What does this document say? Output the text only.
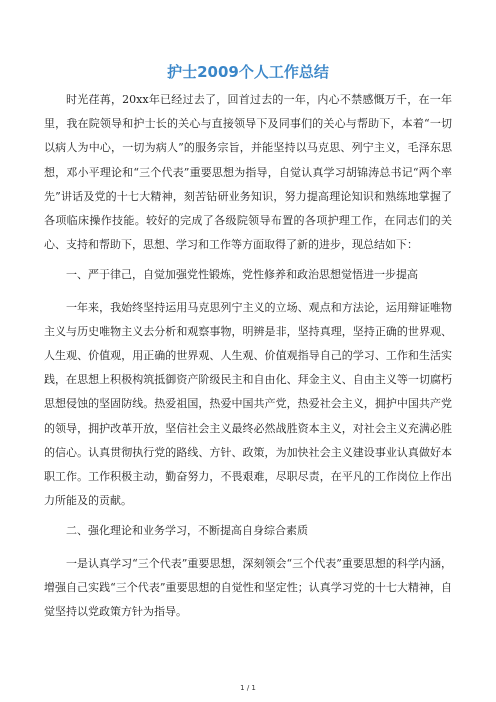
护士2009个人工作总结

时光荏苒，20xx年已经过去了，回首过去的一年，内心不禁感慨万千，在一年里，我在院领导和护士长的关心与直接领导下及同事们的关心与帮助下，本着“一切以病人为中心，一切为病人”的服务宗旨，并能坚持以马克思、列宁主义，毛泽东思想，邓小平理论和“三个代表”重要思想为指导，自觉认真学习胡锦涛总书记“两个率先”讲话及党的十七大精神，刻苦钻研业务知识，努力提高理论知识和熟练地掌握了各项临床操作技能。较好的完成了各级院领导布置的各项护理工作，在同志们的关心、支持和帮助下，思想、学习和工作等方面取得了新的进步，现总结如下：

一、严于律己，自觉加强党性锻炼，党性修养和政治思想觉悟进一步提高

一年来，我始终坚持运用马克思列宁主义的立场、观点和方法论，运用辩证唯物主义与历史唯物主义去分析和观察事物，明辨是非，坚持真理，坚持正确的世界观、人生观、价值观，用正确的世界观、人生观、价值观指导自己的学习、工作和生活实践，在思想上积极构筑抵御资产阶级民主和自由化、拜金主义、自由主义等一切腐朽思想侵蚀的坚固防线。热爱祖国，热爱中国共产党，热爱社会主义，拥护中国共产党的领导，拥护改革开放，坚信社会主义最终必然战胜资本主义，对社会主义充满必胜的信心。认真贯彻执行党的路线、方针、政策，为加快社会主义建设事业认真做好本职工作。工作积极主动，勤奋努力，不畏艰难，尽职尽责，在平凡的工作岗位上作出力所能及的贡献。

二、强化理论和业务学习，不断提高自身综合素质

一是认真学习“三个代表”重要思想，深刻领会“三个代表”重要思想的科学内涵，增强自己实践“三个代表”重要思想的自觉性和坚定性；认真学习党的十七大精神，自觉坚持以党政策方针为指导。

1 / 1
